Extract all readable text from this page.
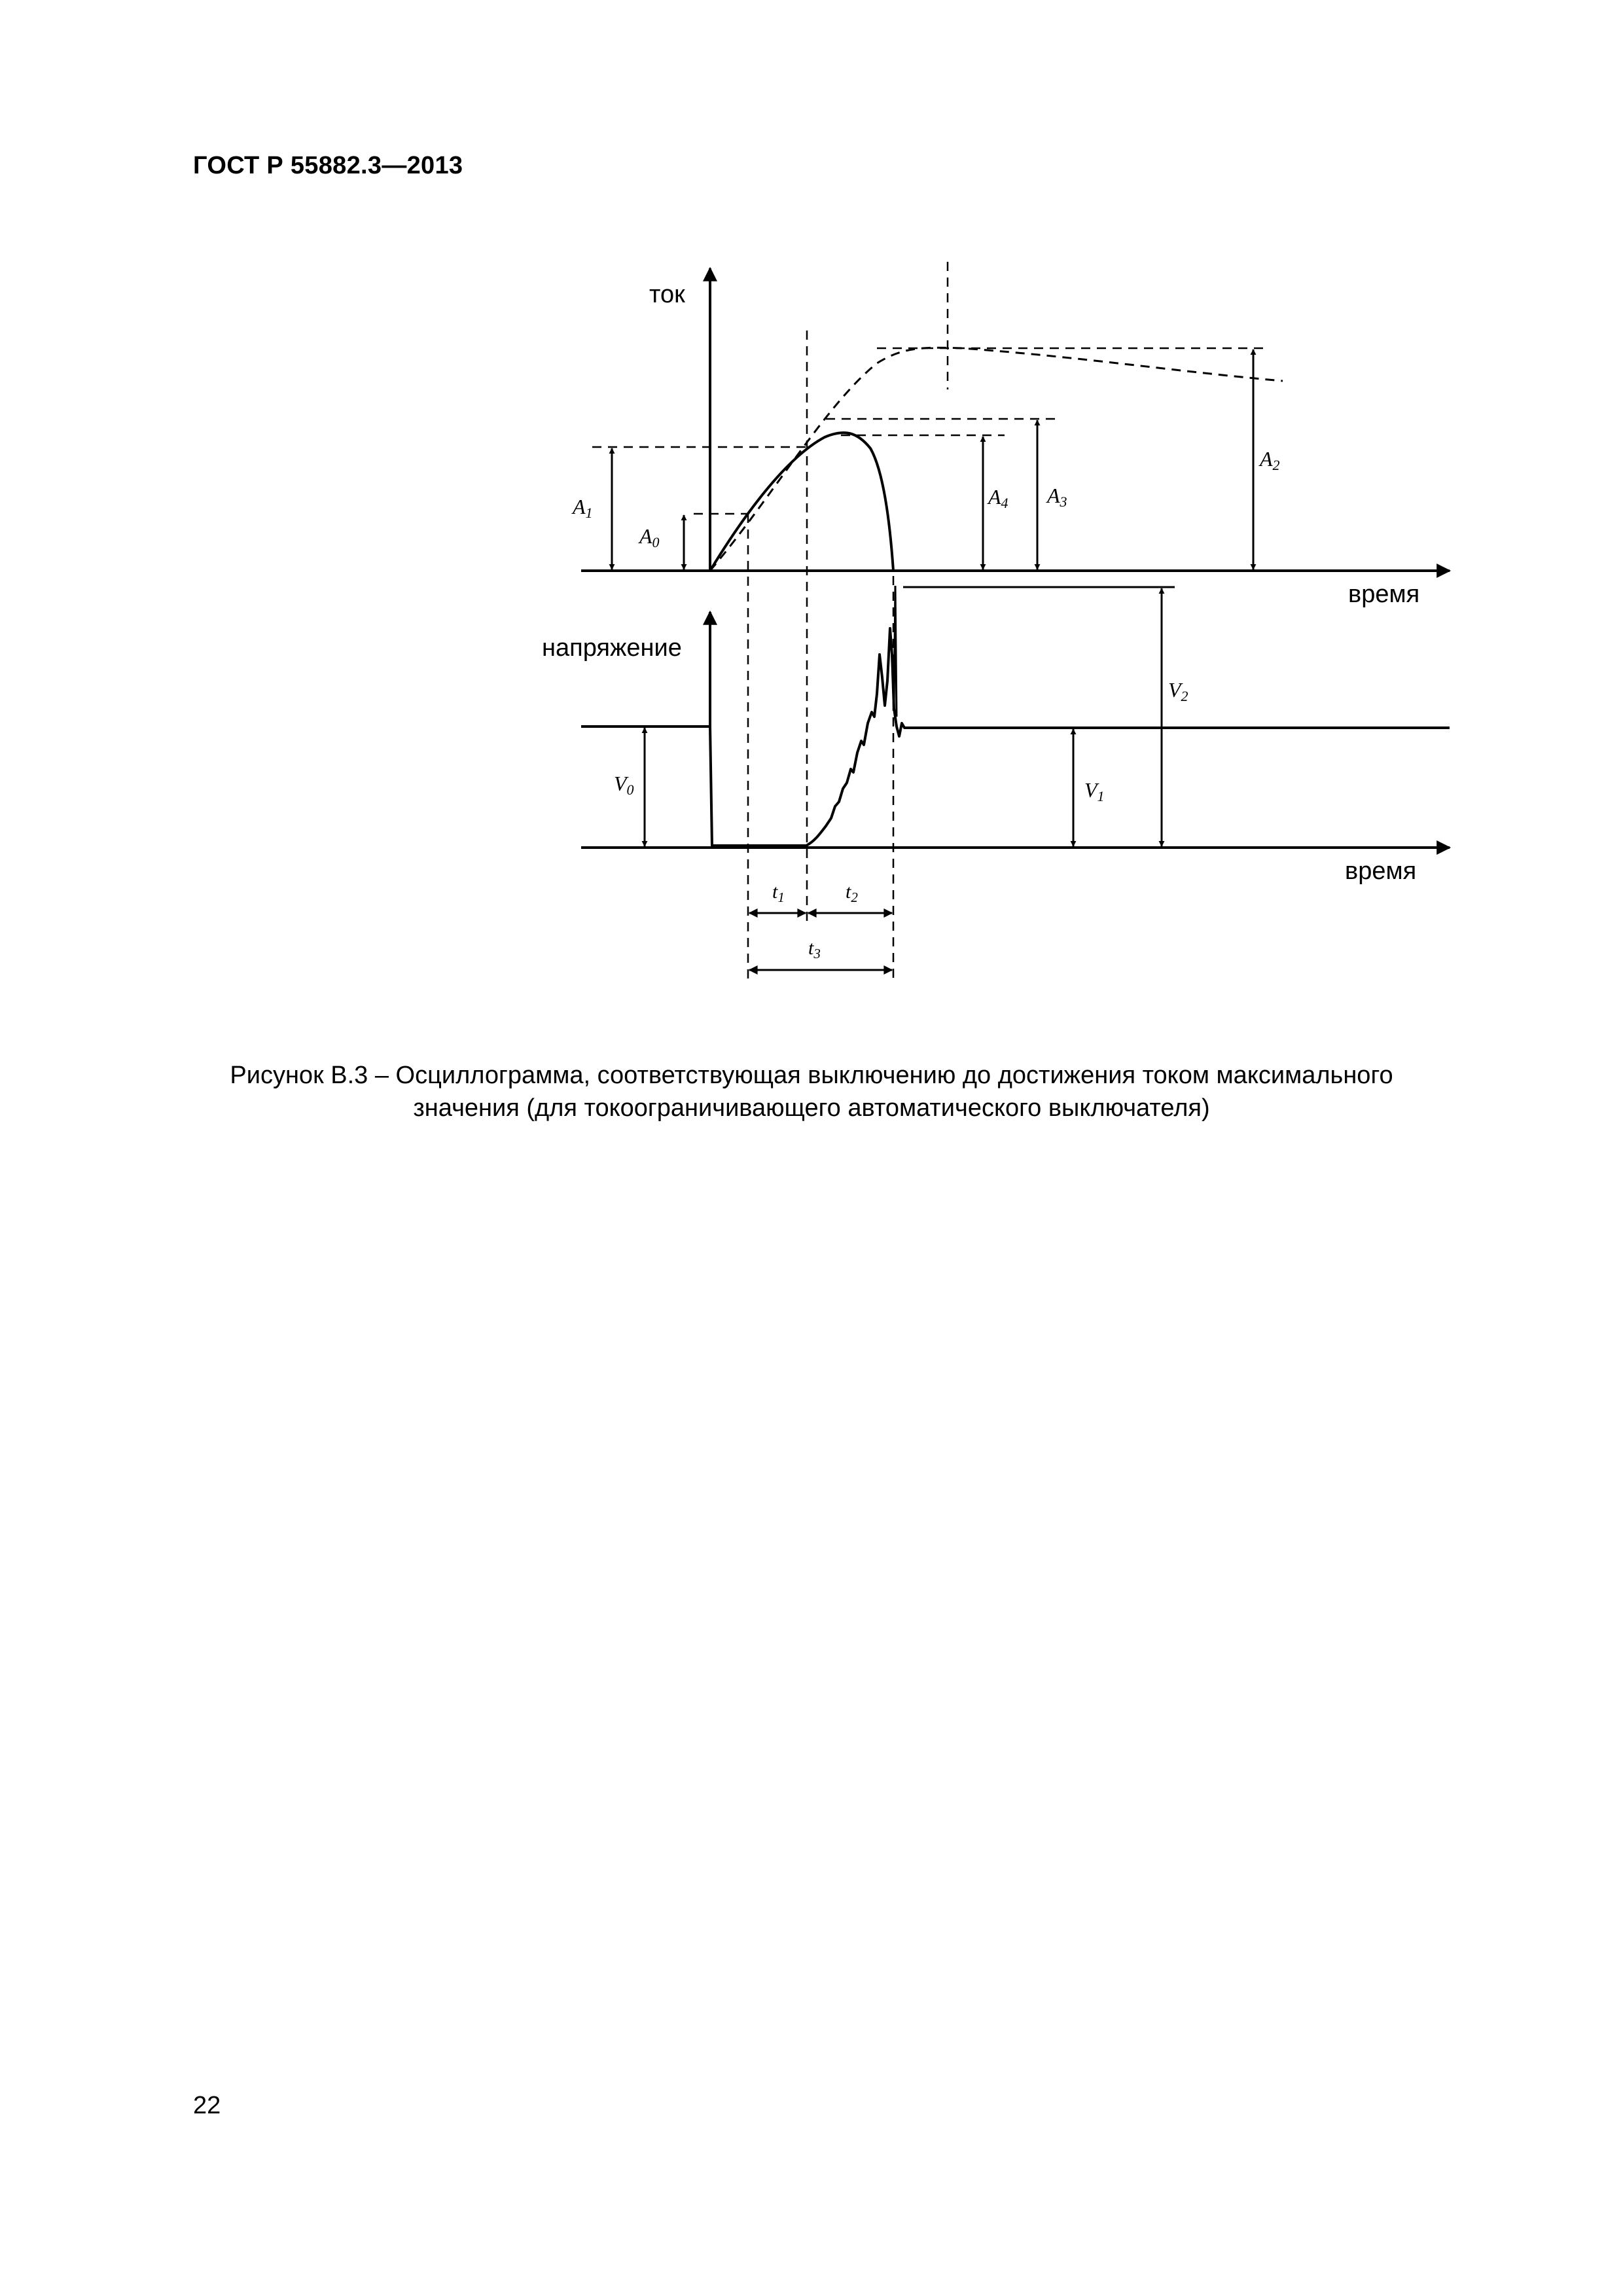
ГОСТ Р 55882.3—2013
ток
напряжение
время
время
A0
A1
A4 A3
A2
V0	V1
V2
$t_1$	$t_2$
$t_3$
Рисунок В.3 – Осциллограмма, соответствующая выключению до достижения током максимального
значения (для токоограничивающего автоматического выключателя)
22
